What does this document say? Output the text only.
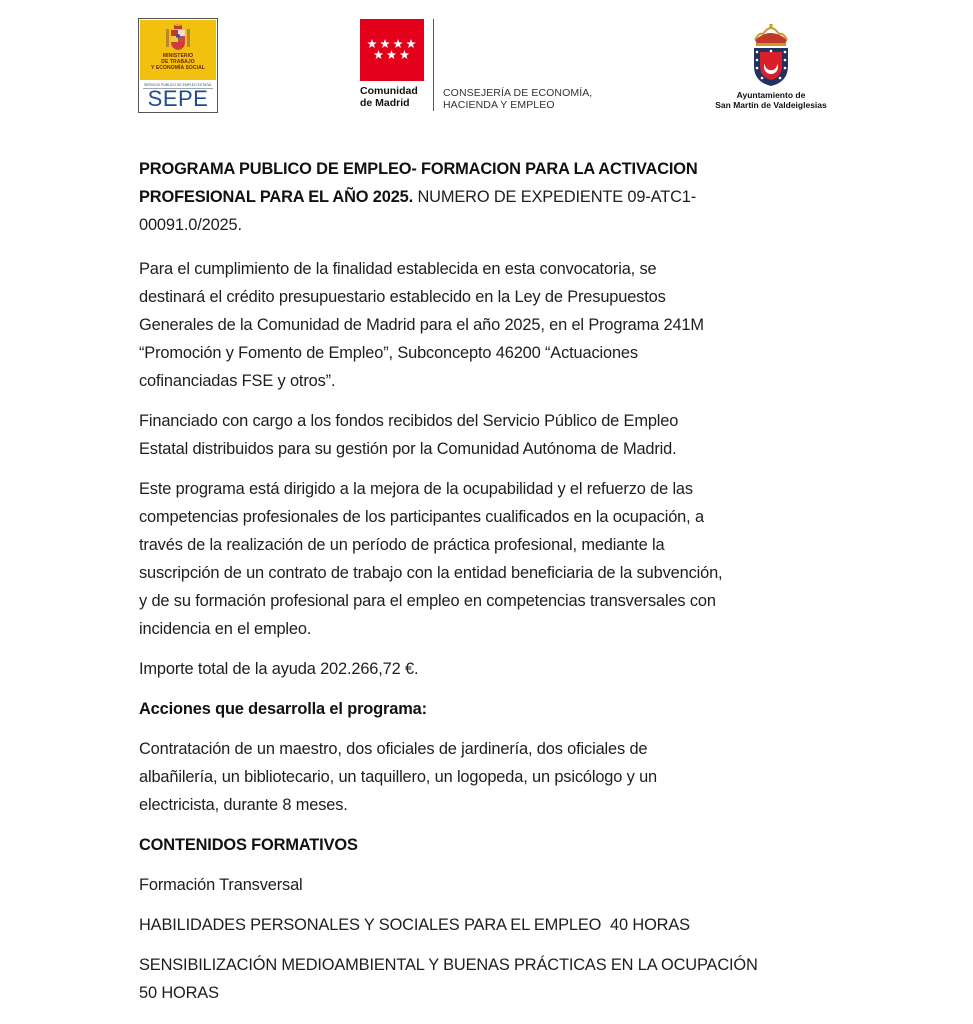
MINISTERIO
DE TRABAJO
Y ECONOMÍA SOCIAL
SERVICIO PÚBLICO DE EMPLEO ESTATAL
SEPE	Comunidad
de Madrid
CONSEJERÍA DE ECONOMÍA,
HACIENDA Y EMPLEO
Ayuntamiento de
San Martín de Valdeiglesias

PROGRAMA PUBLICO DE EMPLEO- FORMACION PARA LA ACTIVACION
PROFESIONAL PARA EL AÑO 2025. NUMERO DE EXPEDIENTE 09-ATC1-
00091.0/2025.

Para el cumplimiento de la finalidad establecida en esta convocatoria, se
destinará el crédito presupuestario establecido en la Ley de Presupuestos
Generales de la Comunidad de Madrid para el año 2025, en el Programa 241M
“Promoción y Fomento de Empleo”, Subconcepto 46200 “Actuaciones
cofinanciadas FSE y otros”.

Financiado con cargo a los fondos recibidos del Servicio Público de Empleo
Estatal distribuidos para su gestión por la Comunidad Autónoma de Madrid.

Este programa está dirigido a la mejora de la ocupabilidad y el refuerzo de las
competencias profesionales de los participantes cualificados en la ocupación, a
través de la realización de un período de práctica profesional, mediante la
suscripción de un contrato de trabajo con la entidad beneficiaria de la subvención,
y de su formación profesional para el empleo en competencias transversales con
incidencia en el empleo.

Importe total de la ayuda 202.266,72 €.

Acciones que desarrolla el programa:

Contratación de un maestro, dos oficiales de jardinería, dos oficiales de
albañilería, un bibliotecario, un taquillero, un logopeda, un psicólogo y un
electricista, durante 8 meses.

CONTENIDOS FORMATIVOS

Formación Transversal

HABILIDADES PERSONALES Y SOCIALES PARA EL EMPLEO  40 HORAS

SENSIBILIZACIÓN MEDIOAMBIENTAL Y BUENAS PRÁCTICAS EN LA OCUPACIÓN
50 HORAS
